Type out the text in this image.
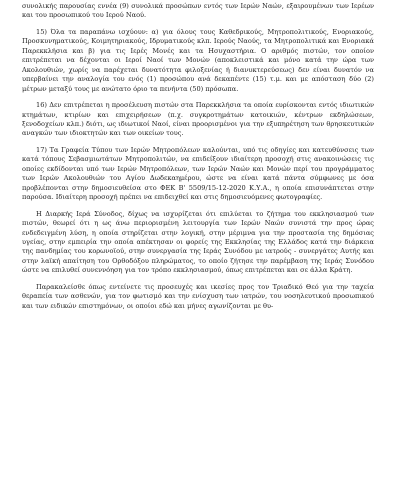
συνολικής παρουσίας εννέα (9) συνολικά προσώπων εντός των Ιερών Ναών, εξαιρουμένων των Ιερέων και του προσωπικού του Ιερού Ναού.

15) Όλα τα παραπάνω ισχύουν: α) για όλους τους Καθεδρικούς, Μητροπολιτικούς, Ενοριακούς, Προσκυνηματικούς, Κοιμητηριακούς, Ιδρυματικούς κλπ. Ιερούς Ναούς, τα Μητροπολιτικά και Ενοριακά Παρεκκλήσια και β) για τις Ιερές Μονές και τα Ησυχαστήρια. Ο αριθμός πιστών, τον οποίον επιτρέπεται να δέχονται οι Ιεροί Ναοί των Μονών (αποκλειστικά και μόνο κατά την ώρα των Ακολουθιών, χωρίς να παρέχεται δυνατότητα φιλοξενίας ή διανυκτερεύσεως) δεν είναι δυνατόν να υπερβαίνει την αναλογία του ενός (1) προσώπου ανά δεκαπέντε (15) τ.μ. και με απόσταση δύο (2) μέτρων μεταξύ τους με ανώτατο όριο τα πενήντα (50) πρόσωπα.

16) Δεν επιτρέπεται η προσέλευση πιστών στα Παρεκκλήσια τα οποία ευρίσκονται εντός ιδιωτικών κτημάτων, κτιρίων και επιχειρήσεων (π.χ. συγκροτημάτων κατοικιών, κέντρων εκδηλώσεων, ξενοδοχείων κλπ.) διότι, ως ιδιωτικοί Ναοί, είναι προορισμένοι για την εξυπηρέτηση των θρησκευτικών αναγκών των ιδιοκτητών και των οικείων τους.

17) Τα Γραφεία Τύπου των Ιερών Μητροπόλεων καλούνται, υπό τις οδηγίες και κατευθύνσεις των κατά τόπους Σεβασμιωτάτων Μητροπολιτών, να επιδείξουν ιδιαίτερη προσοχή στις ανακοινώσεις τις οποίες εκδίδονται υπό των Ιερών Μητροπόλεων, των Ιερών Ναών και Μονών περί του προγράμματος των Ιερών Ακολουθιών του Αγίου Δωδεκαημέρου, ώστε να είναι κατά πάντα σύμφωνες με όσα προβλέπονται στην δημοσιευθείσα στο ΦΕΚ Β' 5509/15-12-2020 Κ.Υ.Α., η οποία επισυνάπτεται στην παρούσα. Ιδιαίτερη προσοχή πρέπει να επιδειχθεί και στις δημοσιευόμενες φωτογραφίες.

Η Διαρκής Ιερά Σύνοδος, δίχως να ισχυρίζεται ότι επιλύεται το ζήτημα του εκκλησιασμού των πιστών, θεωρεί ότι η ως άνω περιορισμένη λειτουργία των Ιερών Ναών συνιστά την προς ώρας ενδεδειγμένη λύση, η οποία στηρίζεται στην λογική, στην μέριμνα για την προστασία της δημόσιας υγείας, στην εμπειρία την οποία απέκτησαν οι φορείς της Εκκλησίας της Ελλάδος κατά την διάρκεια της πανδημίας του κορωνοϊού, στην συνεργασία της Ιεράς Συνόδου με ιατρούς - συνεργάτες Αυτής και στην λαϊκή απαίτηση του Ορθοδόξου πληρώματος, το οποίο ζήτησε την παρέμβαση της Ιεράς Συνόδου ώστε να επιλυθεί συνεννόηση για τον τρόπο εκκλησιασμού, όπως επιτρέπεται και σε άλλα Κράτη.

Παρακαλείσθε όπως εντείνετε τις προσευχές και ικεσίες προς τον Τριαδικό Θεό για την ταχεία θεραπεία των ασθενών, για τον φωτισμό και την ενίσχυση των ιατρών, του νοσηλευτικού προσωπικού και των ειδικών επιστημόνων, οι οποίοι εδώ και μήνες αγωνίζονται με θυ-
